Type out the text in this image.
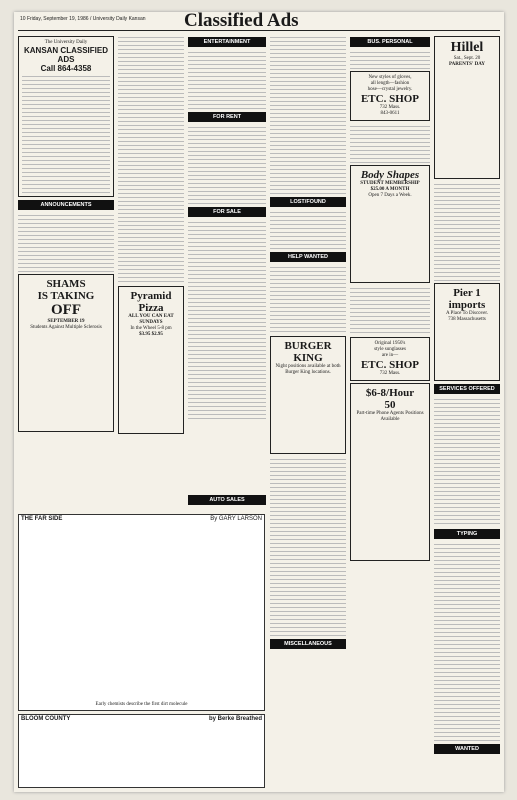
10 Friday, September 19, 1986 / University Daily Kansan Classified Ads
The University Daily
KANSAN CLASSIFIED ADS
Call 864-4358
ANNOUNCEMENTS
SHAMS
IS TAKING
OFF
SEPTEMBER 19
Students Against Multiple Sclerosis
Pyramid Pizza
ALL YOU CAN EAT
SUNDAYS
In the Wheel 5-8 pm
$3.95 $2.95
THE FAR SIDE	By GARY LARSON
Early chemists describe the first dirt molecule
BLOOM COUNTY	by Berke Breathed
ENTERTAINMENT
FOR RENT
FOR SALE
AUTO SALES
LOST/FOUND
HELP WANTED
BURGER KING
Night positions available at both Burger King locations.
MISCELLANEOUS
BUS. PERSONAL
New styles of gloves,
all length—fashion
hose—crystal jewelry.
ETC. SHOP
732 Mass.
843-0611
Body Shapes
STUDENT MEMBERSHIP $25.00 A MONTH
Open 7 Days a Week.
Original 1950's
style sunglasses
are in—
ETC. SHOP
732 Mass.
$6-8/Hour
50
Part-time Phone Agents Positions Available
Hillel
Sat., Sept. 20
PARENTS' DAY
Pier 1 imports
A Place To Discover.
738 Massachusetts
SERVICES OFFERED
TYPING
WANTED
